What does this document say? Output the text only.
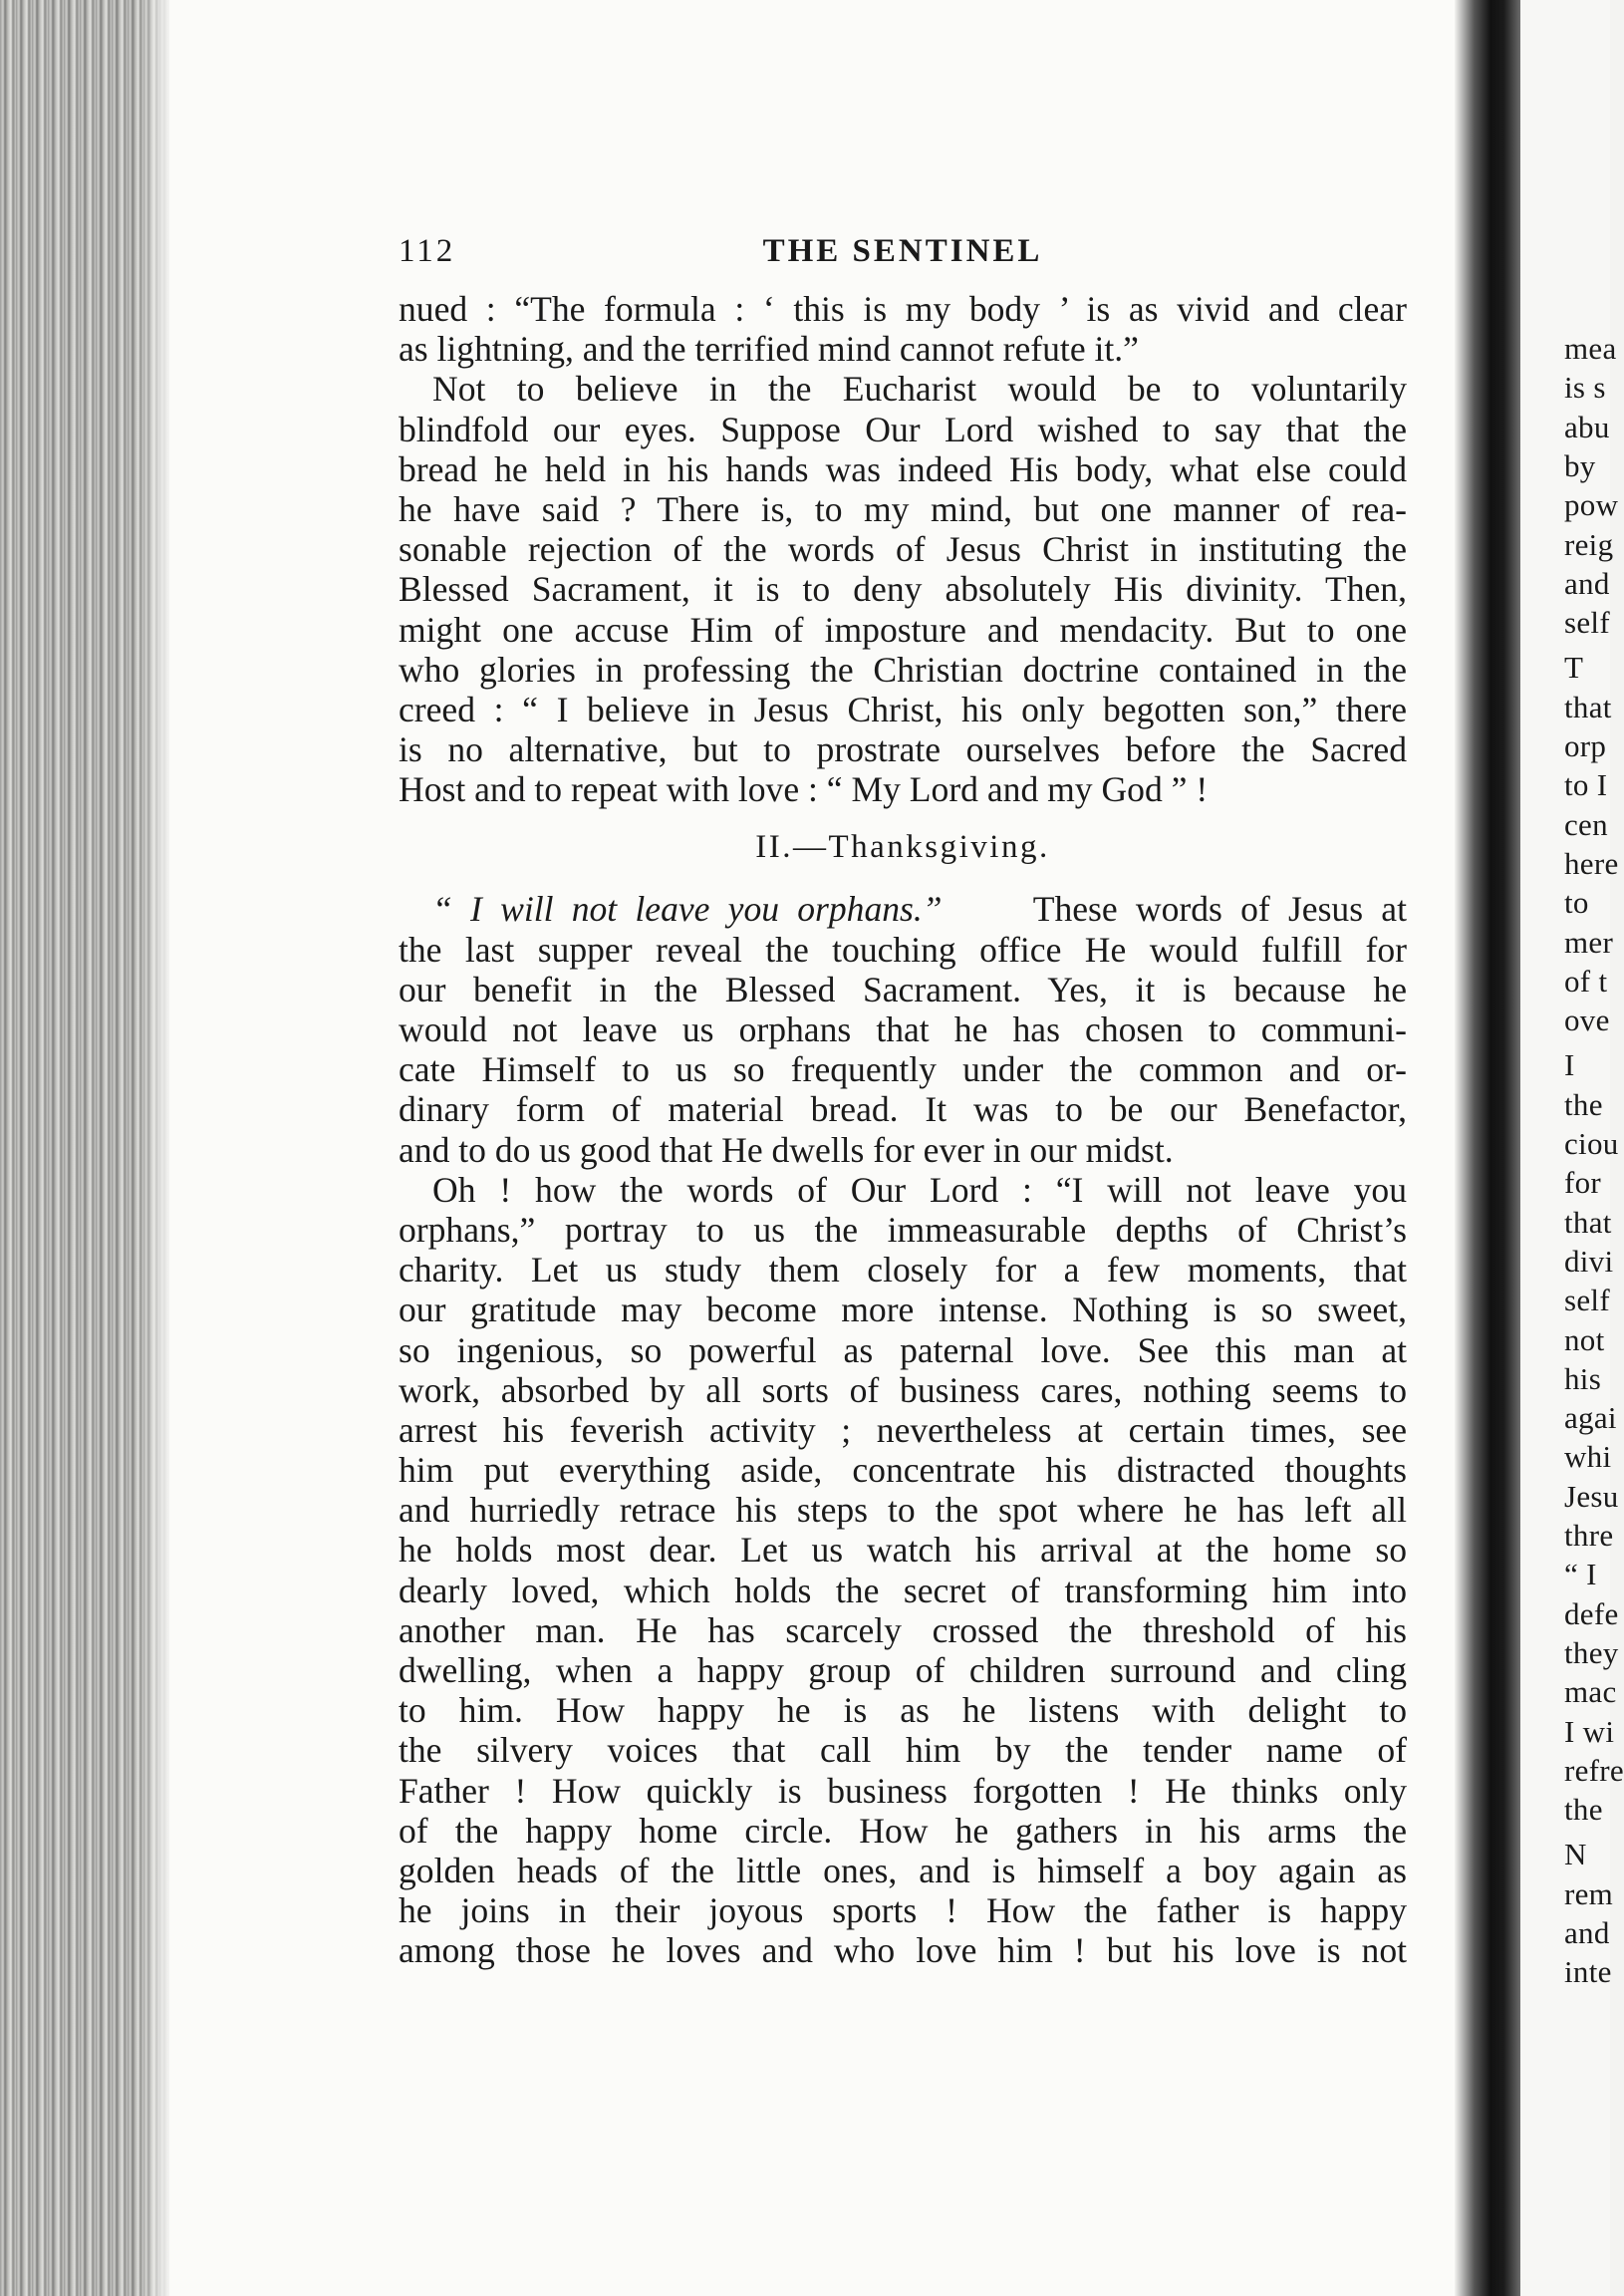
mea
is s
abu
by
pow
reig
and
self
T
that
orp
to I
cen
here
to
mer
of t
ove
I
the
ciou
for
that
divi
self
not
his
agai
whi
Jesu
thre
“ I
defe
they
mac
I wi
refre
the
N
rem
and
inte
112	THE SENTINEL
nued : “The formula : ‘ this is my body ’ is as vivid and clear
as lightning, and the terrified mind cannot refute it.”
Not to believe in the Eucharist would be to voluntarily
blindfold our eyes. Suppose Our Lord wished to say that the
bread he held in his hands was indeed His body, what else could
he have said ? There is, to my mind, but one manner of rea-
sonable rejection of the words of Jesus Christ in instituting the
Blessed Sacrament, it is to deny absolutely His divinity. Then,
might one accuse Him of imposture and mendacity. But to one
who glories in professing the Christian doctrine contained in the
creed : “ I believe in Jesus Christ, his only begotten son,” there
is no alternative, but to prostrate ourselves before the Sacred
Host and to repeat with love : “ My Lord and my God ” !
II.—Thanksgiving.
“ I will not leave you orphans.”	These words of Jesus at
the last supper reveal the touching office He would fulfill for
our benefit in the Blessed Sacrament. Yes, it is because he
would not leave us orphans that he has chosen to communi-
cate Himself to us so frequently under the common and or-
dinary form of material bread. It was to be our Benefactor,
and to do us good that He dwells for ever in our midst.
Oh ! how the words of Our Lord : “I will not leave you
orphans,” portray to us the immeasurable depths of Christ’s
charity. Let us study them closely for a few moments, that
our gratitude may become more intense. Nothing is so sweet,
so ingenious, so powerful as paternal love. See this man at
work, absorbed by all sorts of business cares, nothing seems to
arrest his feverish activity ; nevertheless at certain times, see
him put everything aside, concentrate his distracted thoughts
and hurriedly retrace his steps to the spot where he has left all
he holds most dear. Let us watch his arrival at the home so
dearly loved, which holds the secret of transforming him into
another man. He has scarcely crossed the threshold of his
dwelling, when a happy group of children surround and cling
to him. How happy he is as he listens with delight to
the silvery voices that call him by the tender name of
Father ! How quickly is business forgotten ! He thinks only
of the happy home circle. How he gathers in his arms the
golden heads of the little ones, and is himself a boy again as
he joins in their joyous sports ! How the father is happy
among those he loves and who love him ! but his love is not
